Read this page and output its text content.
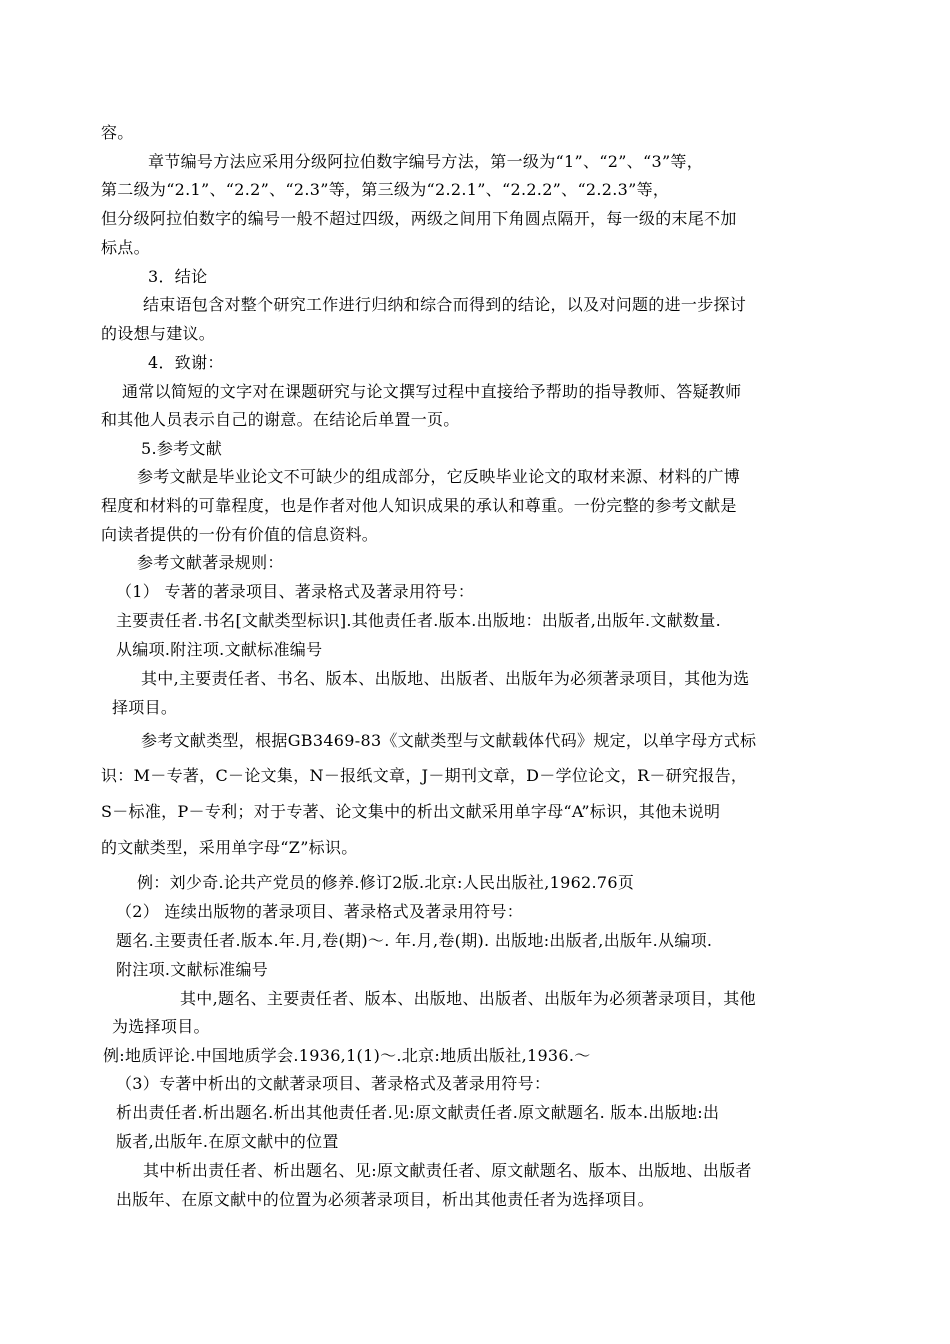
容。
章节编号方法应采用分级阿拉伯数字编号方法，第一级为“1”、“2”、“3”等，
第二级为“2.1”、“2.2”、“2.3”等，第三级为“2.2.1”、“2.2.2”、“2.2.3”等，
但分级阿拉伯数字的编号一般不超过四级，两级之间用下角圆点隔开，每一级的末尾不加
标点。
3．结论
结束语包含对整个研究工作进行归纳和综合而得到的结论，以及对问题的进一步探讨
的设想与建议。
4．致谢：
通常以简短的文字对在课题研究与论文撰写过程中直接给予帮助的指导教师、答疑教师
和其他人员表示自己的谢意。在结论后单置一页。
5.参考文献
参考文献是毕业论文不可缺少的组成部分，它反映毕业论文的取材来源、材料的广博
程度和材料的可靠程度，也是作者对他人知识成果的承认和尊重。一份完整的参考文献是
向读者提供的一份有价值的信息资料。
参考文献著录规则：
（1） 专著的著录项目、著录格式及著录用符号：
主要责任者.书名[文献类型标识].其他责任者.版本.出版地：出版者,出版年.文献数量.
从编项.附注项.文献标准编号
其中,主要责任者、书名、版本、出版地、出版者、出版年为必须著录项目，其他为选
择项目。
参考文献类型，根据GB3469-83《文献类型与文献载体代码》规定，以单字母方式标
识：M－专著，C－论文集，N－报纸文章，J－期刊文章，D－学位论文，R－研究报告，
S－标准，P－专利；对于专著、论文集中的析出文献采用单字母“A”标识，其他未说明
的文献类型，采用单字母“Z”标识。
例：刘少奇.论共产党员的修养.修订2版.北京:人民出版社,1962.76页
（2） 连续出版物的著录项目、著录格式及著录用符号：
题名.主要责任者.版本.年.月,卷(期)～. 年.月,卷(期). 出版地:出版者,出版年.从编项.
附注项.文献标准编号
其中,题名、主要责任者、版本、出版地、出版者、出版年为必须著录项目，其他
为选择项目。
例:地质评论.中国地质学会.1936,1(1)～.北京:地质出版社,1936.～
（3）专著中析出的文献著录项目、著录格式及著录用符号：
析出责任者.析出题名.析出其他责任者.见:原文献责任者.原文献题名. 版本.出版地:出
版者,出版年.在原文献中的位置
其中析出责任者、析出题名、见:原文献责任者、原文献题名、版本、出版地、出版者
出版年、在原文献中的位置为必须著录项目，析出其他责任者为选择项目。
